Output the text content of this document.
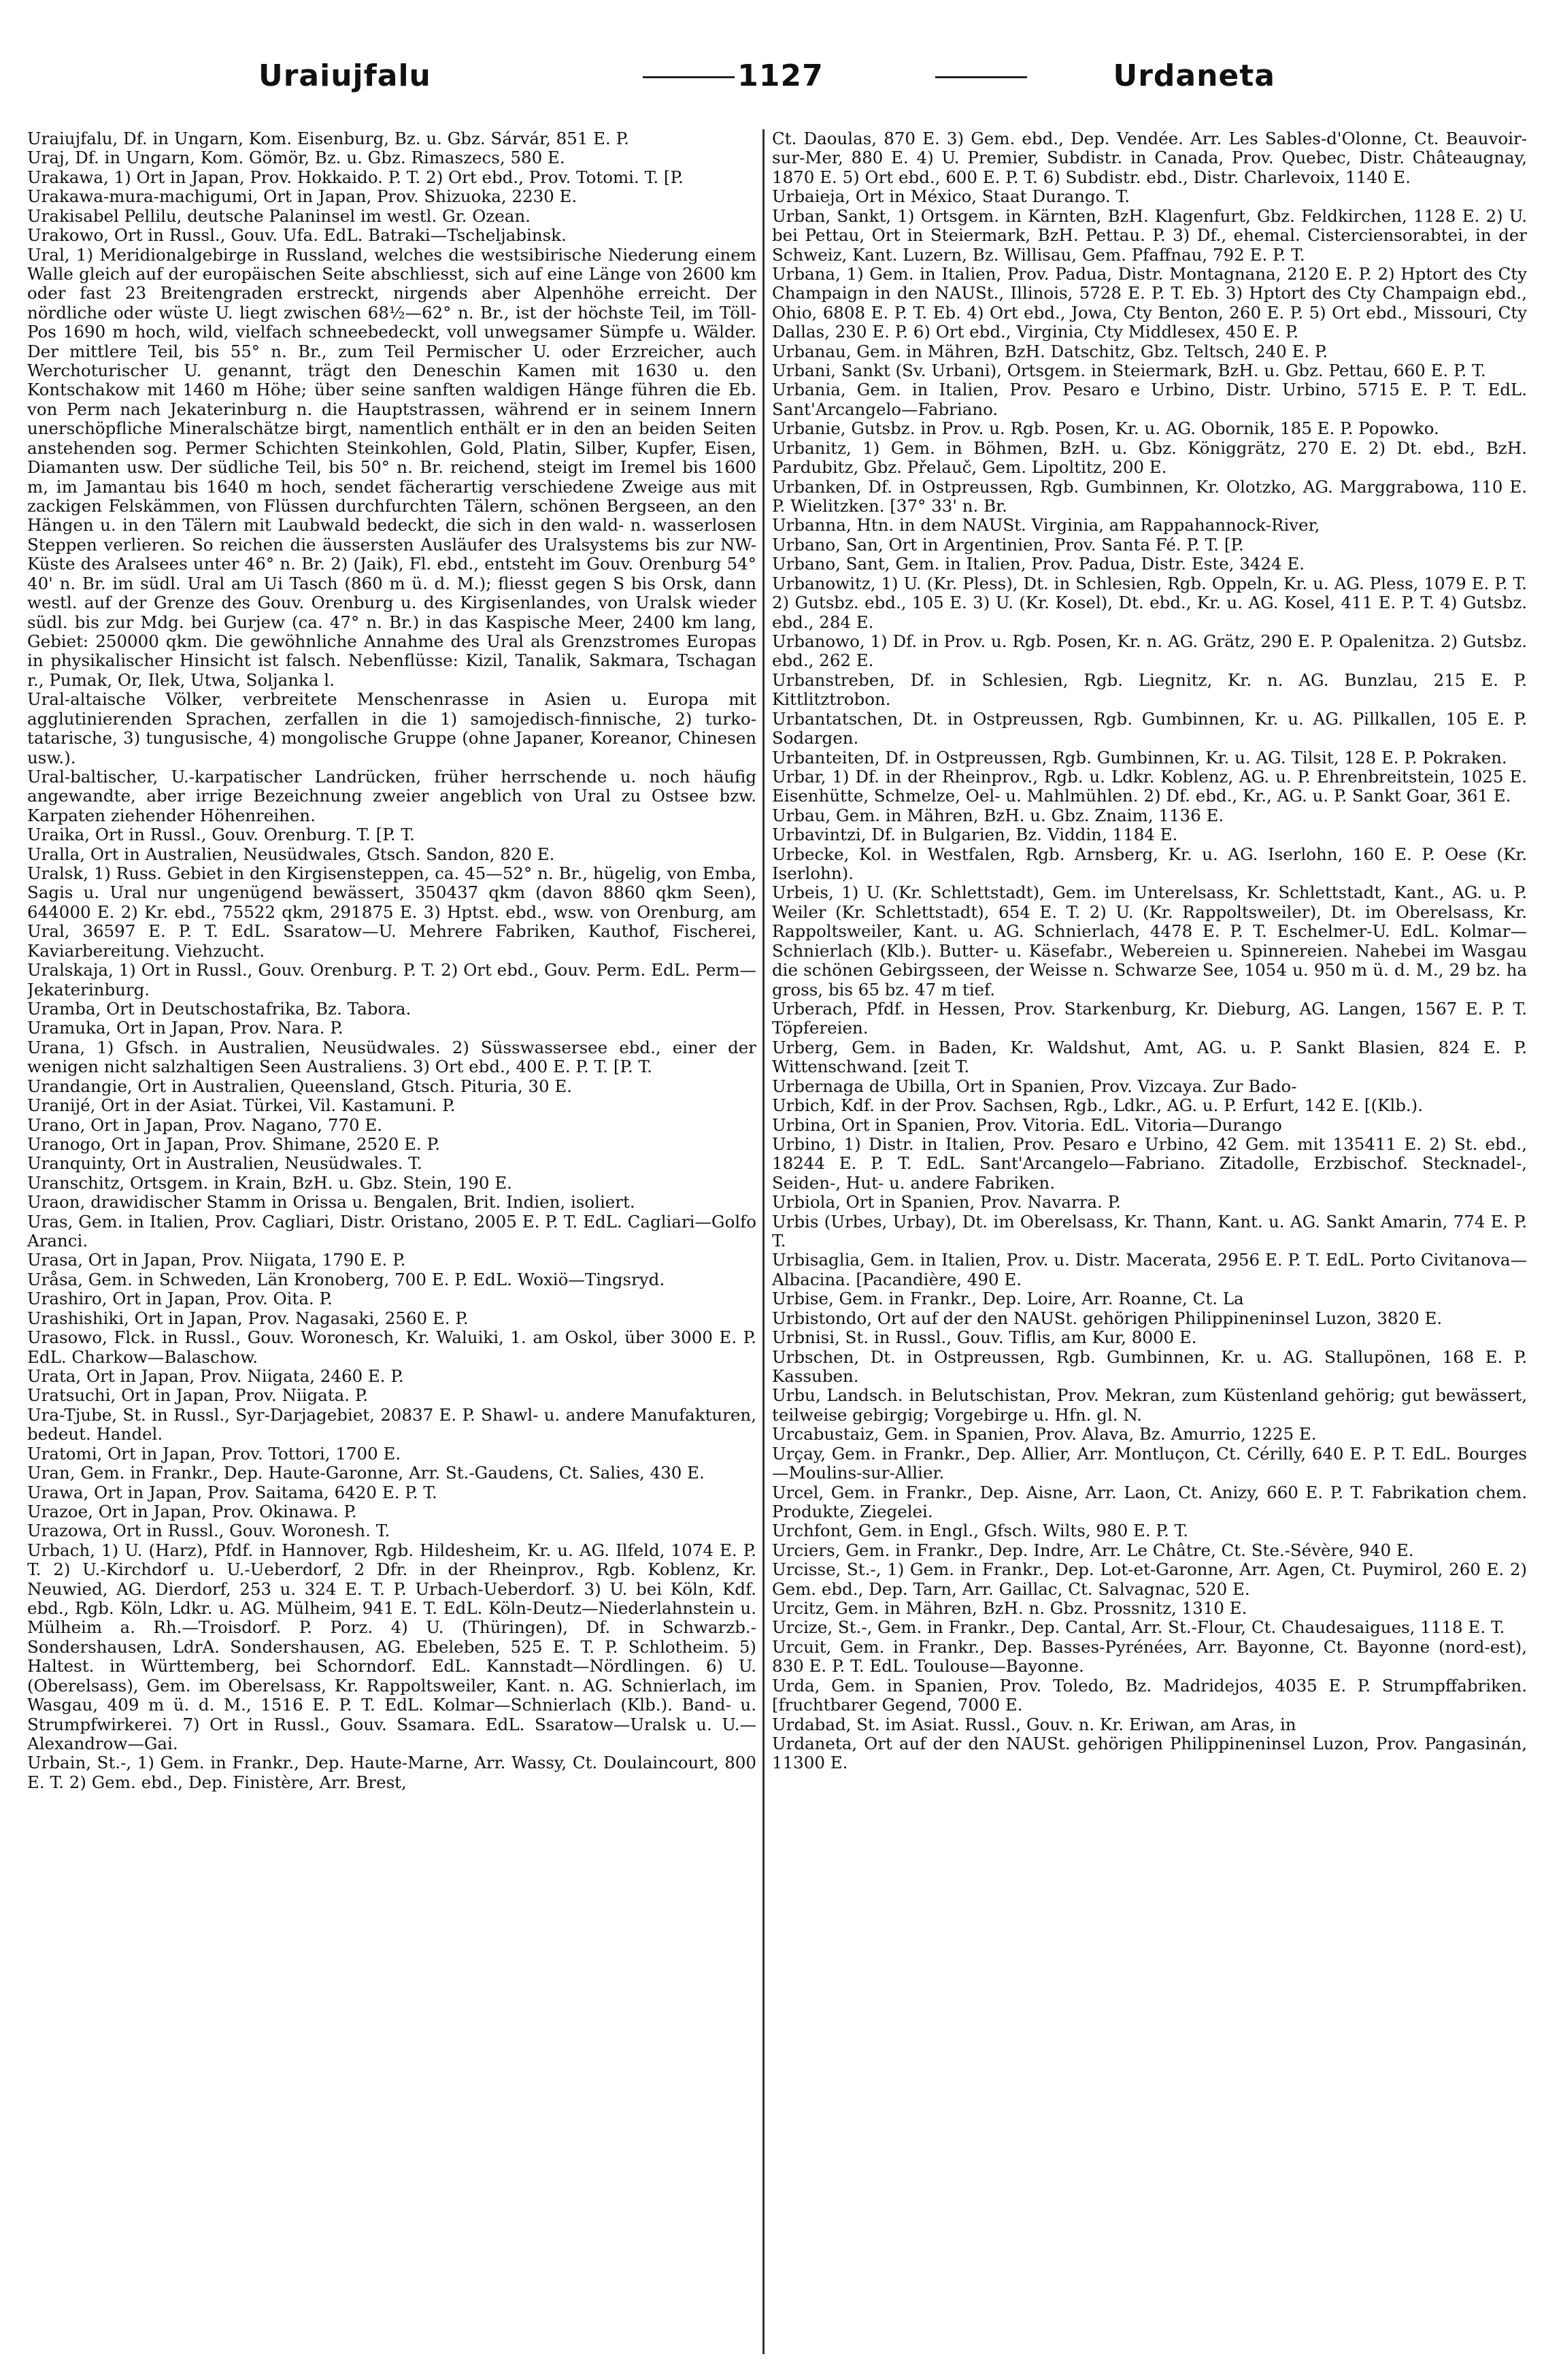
Uraiujfalu	1127	Urdaneta

Uraiujfalu, Df. in Ungarn, Kom. Eisenburg, Bz. u. Gbz. Sárvár, 851 E. P.

Uraj, Df. in Ungarn, Kom. Gömör, Bz. u. Gbz. Rimaszecs, 580 E.

Urakawa, 1) Ort in Japan, Prov. Hokkaido. P. T. 2) Ort ebd., Prov. Totomi. T. [P.

Urakawa-mura-machigumi, Ort in Japan, Prov. Shizuoka, 2230 E.

Urakisabel Pellilu, deutsche Palaninsel im westl. Gr. Ozean.

Urakowo, Ort in Russl., Gouv. Ufa. EdL. Batraki—Tscheljabinsk.

Ural, 1) Meridionalgebirge in Russland, welches die westsibirische Niederung einem Walle gleich auf der europäischen Seite abschliesst, sich auf eine Länge von 2600 km oder fast 23 Breitengraden erstreckt, nirgends aber Alpenhöhe erreicht. Der nördliche oder wüste U. liegt zwischen 68½—62° n. Br., ist der höchste Teil, im Töll-Pos 1690 m hoch, wild, vielfach schneebedeckt, voll unwegsamer Sümpfe u. Wälder. Der mittlere Teil, bis 55° n. Br., zum Teil Permischer U. oder Erzreicher, auch Werchoturischer U. genannt, trägt den Deneschin Kamen mit 1630 u. den Kontschakow mit 1460 m Höhe; über seine sanften waldigen Hänge führen die Eb. von Perm nach Jekaterinburg n. die Hauptstrassen, während er in seinem Innern unerschöpfliche Mineralschätze birgt, namentlich enthält er in den an beiden Seiten anstehenden sog. Permer Schichten Steinkohlen, Gold, Platin, Silber, Kupfer, Eisen, Diamanten usw. Der südliche Teil, bis 50° n. Br. reichend, steigt im Iremel bis 1600 m, im Jamantau bis 1640 m hoch, sendet fächerartig verschiedene Zweige aus mit zackigen Felskämmen, von Flüssen durchfurchten Tälern, schönen Bergseen, an den Hängen u. in den Tälern mit Laubwald bedeckt, die sich in den wald- n. wasserlosen Steppen verlieren. So reichen die äussersten Ausläufer des Uralsystems bis zur NW-Küste des Aralsees unter 46° n. Br. 2) (Jaik), Fl. ebd., entsteht im Gouv. Orenburg 54° 40' n. Br. im südl. Ural am Ui Tasch (860 m ü. d. M.); fliesst gegen S bis Orsk, dann westl. auf der Grenze des Gouv. Orenburg u. des Kirgisenlandes, von Uralsk wieder südl. bis zur Mdg. bei Gurjew (ca. 47° n. Br.) in das Kaspische Meer, 2400 km lang, Gebiet: 250000 qkm. Die gewöhnliche Annahme des Ural als Grenzstromes Europas in physikalischer Hinsicht ist falsch. Nebenflüsse: Kizil, Tanalik, Sakmara, Tschagan r., Pumak, Or, Ilek, Utwa, Soljanka l.

Ural-altaische Völker, verbreitete Menschenrasse in Asien u. Europa mit agglutinierenden Sprachen, zerfallen in die 1) samojedisch-finnische, 2) turko-tatarische, 3) tungusische, 4) mongolische Gruppe (ohne Japaner, Koreanor, Chinesen usw.).

Ural-baltischer, U.-karpatischer Landrücken, früher herrschende u. noch häufig angewandte, aber irrige Bezeichnung zweier angeblich von Ural zu Ostsee bzw. Karpaten ziehender Höhenreihen.

Uraika, Ort in Russl., Gouv. Orenburg. T. [P. T.

Uralla, Ort in Australien, Neusüdwales, Gtsch. Sandon, 820 E.

Uralsk, 1) Russ. Gebiet in den Kirgisensteppen, ca. 45—52° n. Br., hügelig, von Emba, Sagis u. Ural nur ungenügend bewässert, 350437 qkm (davon 8860 qkm Seen), 644000 E. 2) Kr. ebd., 75522 qkm, 291875 E. 3) Hptst. ebd., wsw. von Orenburg, am Ural, 36597 E. P. T. EdL. Ssaratow—U. Mehrere Fabriken, Kauthof, Fischerei, Kaviarbereitung. Viehzucht.

Uralskaja, 1) Ort in Russl., Gouv. Orenburg. P. T. 2) Ort ebd., Gouv. Perm. EdL. Perm—Jekaterinburg.

Uramba, Ort in Deutschostafrika, Bz. Tabora.

Uramuka, Ort in Japan, Prov. Nara. P.

Urana, 1) Gfsch. in Australien, Neusüdwales. 2) Süsswassersee ebd., einer der wenigen nicht salzhaltigen Seen Australiens. 3) Ort ebd., 400 E. P. T. [P. T.

Urandangie, Ort in Australien, Queensland, Gtsch. Pituria, 30 E.

Uranijé, Ort in der Asiat. Türkei, Vil. Kastamuni. P.

Urano, Ort in Japan, Prov. Nagano, 770 E.

Uranogo, Ort in Japan, Prov. Shimane, 2520 E. P.

Uranquinty, Ort in Australien, Neusüdwales. T.

Uranschitz, Ortsgem. in Krain, BzH. u. Gbz. Stein, 190 E.

Uraon, drawidischer Stamm in Orissa u. Bengalen, Brit. Indien, isoliert.

Uras, Gem. in Italien, Prov. Cagliari, Distr. Oristano, 2005 E. P. T. EdL. Cagliari—Golfo Aranci.

Urasa, Ort in Japan, Prov. Niigata, 1790 E. P.

Uråsa, Gem. in Schweden, Län Kronoberg, 700 E. P. EdL. Woxiö—Tingsryd.

Urashiro, Ort in Japan, Prov. Oita. P.

Urashishiki, Ort in Japan, Prov. Nagasaki, 2560 E. P.

Urasowo, Flck. in Russl., Gouv. Woronesch, Kr. Waluiki, 1. am Oskol, über 3000 E. P. EdL. Charkow—Balaschow.

Urata, Ort in Japan, Prov. Niigata, 2460 E. P.

Uratsuchi, Ort in Japan, Prov. Niigata. P.

Ura-Tjube, St. in Russl., Syr-Darjagebiet, 20837 E. P. Shawl- u. andere Manufakturen, bedeut. Handel.

Uratomi, Ort in Japan, Prov. Tottori, 1700 E.

Uran, Gem. in Frankr., Dep. Haute-Garonne, Arr. St.-Gaudens, Ct. Salies, 430 E.

Urawa, Ort in Japan, Prov. Saitama, 6420 E. P. T.

Urazoe, Ort in Japan, Prov. Okinawa. P.

Urazowa, Ort in Russl., Gouv. Woronesh. T.

Urbach, 1) U. (Harz), Pfdf. in Hannover, Rgb. Hildesheim, Kr. u. AG. Ilfeld, 1074 E. P. T. 2) U.-Kirchdorf u. U.-Ueberdorf, 2 Dfr. in der Rheinprov., Rgb. Koblenz, Kr. Neuwied, AG. Dierdorf, 253 u. 324 E. T. P. Urbach-Ueberdorf. 3) U. bei Köln, Kdf. ebd., Rgb. Köln, Ldkr. u. AG. Mülheim, 941 E. T. EdL. Köln-Deutz—Niederlahnstein u. Mülheim a. Rh.—Troisdorf. P. Porz. 4) U. (Thüringen), Df. in Schwarzb.-Sondershausen, LdrA. Sondershausen, AG. Ebeleben, 525 E. T. P. Schlotheim. 5) Haltest. in Württemberg, bei Schorndorf. EdL. Kannstadt—Nördlingen. 6) U. (Oberelsass), Gem. im Oberelsass, Kr. Rappoltsweiler, Kant. n. AG. Schnierlach, im Wasgau, 409 m ü. d. M., 1516 E. P. T. EdL. Kolmar—Schnierlach (Klb.). Band- u. Strumpfwirkerei. 7) Ort in Russl., Gouv. Ssamara. EdL. Ssaratow—Uralsk u. U.—Alexandrow—Gai.

Urbain, St.-, 1) Gem. in Frankr., Dep. Haute-Marne, Arr. Wassy, Ct. Doulaincourt, 800 E. T. 2) Gem. ebd., Dep. Finistère, Arr. Brest,

Ct. Daoulas, 870 E. 3) Gem. ebd., Dep. Vendée. Arr. Les Sables-d'Olonne, Ct. Beauvoir-sur-Mer, 880 E. 4) U. Premier, Subdistr. in Canada, Prov. Quebec, Distr. Châteaugnay, 1870 E. 5) Ort ebd., 600 E. P. T. 6) Subdistr. ebd., Distr. Charlevoix, 1140 E.

Urbaieja, Ort in México, Staat Durango. T.

Urban, Sankt, 1) Ortsgem. in Kärnten, BzH. Klagenfurt, Gbz. Feldkirchen, 1128 E. 2) U. bei Pettau, Ort in Steiermark, BzH. Pettau. P. 3) Df., ehemal. Cisterciensorabtei, in der Schweiz, Kant. Luzern, Bz. Willisau, Gem. Pfaffnau, 792 E. P. T.

Urbana, 1) Gem. in Italien, Prov. Padua, Distr. Montagnana, 2120 E. P. 2) Hptort des Cty Champaign in den NAUSt., Illinois, 5728 E. P. T. Eb. 3) Hptort des Cty Champaign ebd., Ohio, 6808 E. P. T. Eb. 4) Ort ebd., Jowa, Cty Benton, 260 E. P. 5) Ort ebd., Missouri, Cty Dallas, 230 E. P. 6) Ort ebd., Virginia, Cty Middlesex, 450 E. P.

Urbanau, Gem. in Mähren, BzH. Datschitz, Gbz. Teltsch, 240 E. P.

Urbani, Sankt (Sv. Urbani), Ortsgem. in Steiermark, BzH. u. Gbz. Pettau, 660 E. P. T.

Urbania, Gem. in Italien, Prov. Pesaro e Urbino, Distr. Urbino, 5715 E. P. T. EdL. Sant'Arcangelo—Fabriano.

Urbanie, Gutsbz. in Prov. u. Rgb. Posen, Kr. u. AG. Obornik, 185 E. P. Popowko.

Urbanitz, 1) Gem. in Böhmen, BzH. u. Gbz. Königgrätz, 270 E. 2) Dt. ebd., BzH. Pardubitz, Gbz. Přelauč, Gem. Lipoltitz, 200 E.

Urbanken, Df. in Ostpreussen, Rgb. Gumbinnen, Kr. Olotzko, AG. Marggrabowa, 110 E. P. Wielitzken. [37° 33' n. Br.

Urbanna, Htn. in dem NAUSt. Virginia, am Rappahannock-River,

Urbano, San, Ort in Argentinien, Prov. Santa Fé. P. T. [P.

Urbano, Sant, Gem. in Italien, Prov. Padua, Distr. Este, 3424 E.

Urbanowitz, 1) U. (Kr. Pless), Dt. in Schlesien, Rgb. Oppeln, Kr. u. AG. Pless, 1079 E. P. T. 2) Gutsbz. ebd., 105 E. 3) U. (Kr. Kosel), Dt. ebd., Kr. u. AG. Kosel, 411 E. P. T. 4) Gutsbz. ebd., 284 E.

Urbanowo, 1) Df. in Prov. u. Rgb. Posen, Kr. n. AG. Grätz, 290 E. P. Opalenitza. 2) Gutsbz. ebd., 262 E.

Urbanstreben, Df. in Schlesien, Rgb. Liegnitz, Kr. n. AG. Bunzlau, 215 E. P. Kittlitztrobon.

Urbantatschen, Dt. in Ostpreussen, Rgb. Gumbinnen, Kr. u. AG. Pillkallen, 105 E. P. Sodargen.

Urbanteiten, Df. in Ostpreussen, Rgb. Gumbinnen, Kr. u. AG. Tilsit, 128 E. P. Pokraken.

Urbar, 1) Df. in der Rheinprov., Rgb. u. Ldkr. Koblenz, AG. u. P. Ehrenbreitstein, 1025 E. Eisenhütte, Schmelze, Oel- u. Mahlmühlen. 2) Df. ebd., Kr., AG. u. P. Sankt Goar, 361 E.

Urbau, Gem. in Mähren, BzH. u. Gbz. Znaim, 1136 E.

Urbavintzi, Df. in Bulgarien, Bz. Viddin, 1184 E.

Urbecke, Kol. in Westfalen, Rgb. Arnsberg, Kr. u. AG. Iserlohn, 160 E. P. Oese (Kr. Iserlohn).

Urbeis, 1) U. (Kr. Schlettstadt), Gem. im Unterelsass, Kr. Schlettstadt, Kant., AG. u. P. Weiler (Kr. Schlettstadt), 654 E. T. 2) U. (Kr. Rappoltsweiler), Dt. im Oberelsass, Kr. Rappoltsweiler, Kant. u. AG. Schnierlach, 4478 E. P. T. Eschelmer-U. EdL. Kolmar—Schnierlach (Klb.). Butter- u. Käsefabr., Webereien u. Spinnereien. Nahebei im Wasgau die schönen Gebirgsseen, der Weisse n. Schwarze See, 1054 u. 950 m ü. d. M., 29 bz. ha gross, bis 65 bz. 47 m tief.

Urberach, Pfdf. in Hessen, Prov. Starkenburg, Kr. Dieburg, AG. Langen, 1567 E. P. T. Töpfereien.

Urberg, Gem. in Baden, Kr. Waldshut, Amt, AG. u. P. Sankt Blasien, 824 E. P. Wittenschwand. [zeit T.

Urbernaga de Ubilla, Ort in Spanien, Prov. Vizcaya. Zur Bado-

Urbich, Kdf. in der Prov. Sachsen, Rgb., Ldkr., AG. u. P. Erfurt, 142 E. [(Klb.).

Urbina, Ort in Spanien, Prov. Vitoria. EdL. Vitoria—Durango

Urbino, 1) Distr. in Italien, Prov. Pesaro e Urbino, 42 Gem. mit 135411 E. 2) St. ebd., 18244 E. P. T. EdL. Sant'Arcangelo—Fabriano. Zitadolle, Erzbischof. Stecknadel-, Seiden-, Hut- u. andere Fabriken.

Urbiola, Ort in Spanien, Prov. Navarra. P.

Urbis (Urbes, Urbay), Dt. im Oberelsass, Kr. Thann, Kant. u. AG. Sankt Amarin, 774 E. P. T.

Urbisaglia, Gem. in Italien, Prov. u. Distr. Macerata, 2956 E. P. T. EdL. Porto Civitanova—Albacina. [Pacandière, 490 E.

Urbise, Gem. in Frankr., Dep. Loire, Arr. Roanne, Ct. La

Urbistondo, Ort auf der den NAUSt. gehörigen Philippineninsel Luzon, 3820 E.

Urbnisi, St. in Russl., Gouv. Tiflis, am Kur, 8000 E.

Urbschen, Dt. in Ostpreussen, Rgb. Gumbinnen, Kr. u. AG. Stallupönen, 168 E. P. Kassuben.

Urbu, Landsch. in Belutschistan, Prov. Mekran, zum Küstenland gehörig; gut bewässert, teilweise gebirgig; Vorgebirge u. Hfn. gl. N.

Urcabustaiz, Gem. in Spanien, Prov. Alava, Bz. Amurrio, 1225 E.

Urçay, Gem. in Frankr., Dep. Allier, Arr. Montluçon, Ct. Cérilly, 640 E. P. T. EdL. Bourges—Moulins-sur-Allier.

Urcel, Gem. in Frankr., Dep. Aisne, Arr. Laon, Ct. Anizy, 660 E. P. T. Fabrikation chem. Produkte, Ziegelei.

Urchfont, Gem. in Engl., Gfsch. Wilts, 980 E. P. T.

Urciers, Gem. in Frankr., Dep. Indre, Arr. Le Châtre, Ct. Ste.-Sévère, 940 E.

Urcisse, St.-, 1) Gem. in Frankr., Dep. Lot-et-Garonne, Arr. Agen, Ct. Puymirol, 260 E. 2) Gem. ebd., Dep. Tarn, Arr. Gaillac, Ct. Salvagnac, 520 E.

Urcitz, Gem. in Mähren, BzH. n. Gbz. Prossnitz, 1310 E.

Urcize, St.-, Gem. in Frankr., Dep. Cantal, Arr. St.-Flour, Ct. Chaudesaigues, 1118 E. T.

Urcuit, Gem. in Frankr., Dep. Basses-Pyrénées, Arr. Bayonne, Ct. Bayonne (nord-est), 830 E. P. T. EdL. Toulouse—Bayonne.

Urda, Gem. in Spanien, Prov. Toledo, Bz. Madridejos, 4035 E. P. Strumpffabriken. [fruchtbarer Gegend, 7000 E.

Urdabad, St. im Asiat. Russl., Gouv. n. Kr. Eriwan, am Aras, in

Urdaneta, Ort auf der den NAUSt. gehörigen Philippineninsel Luzon, Prov. Pangasinán, 11300 E.
